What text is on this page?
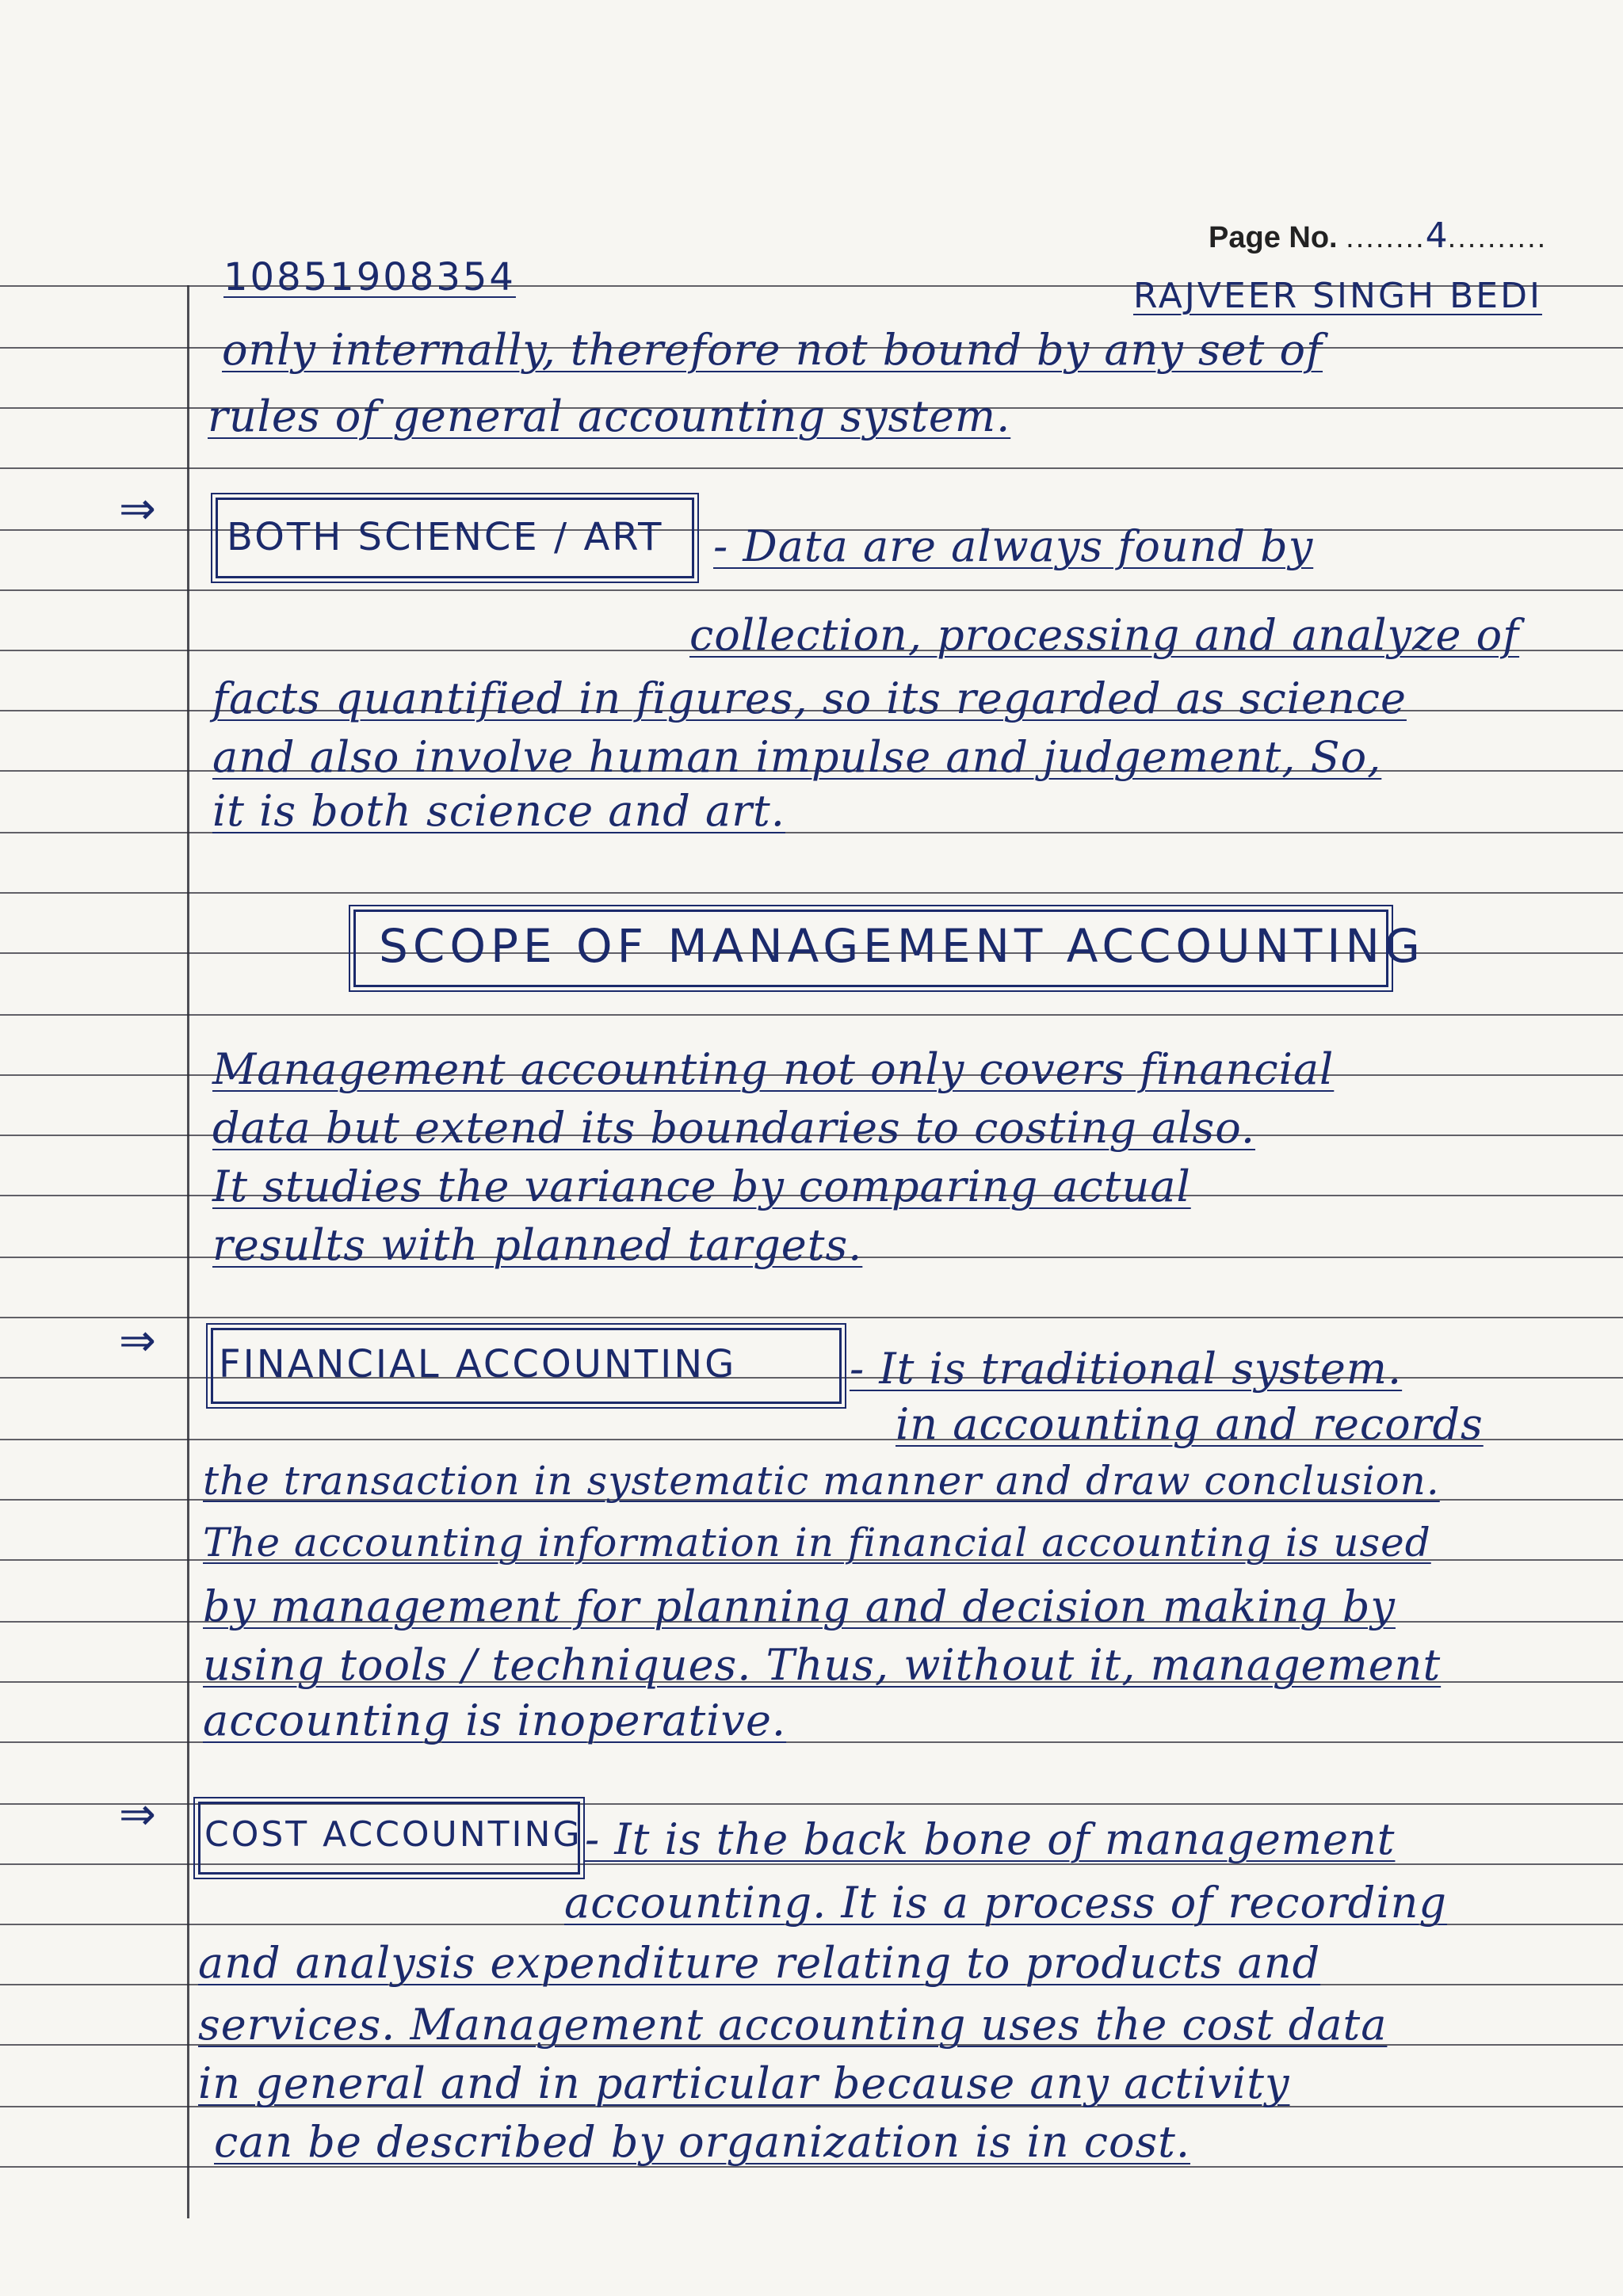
Page No. ........4..........
10851908354	RAJVEER SINGH BEDI
only internally, therefore not bound by any set of
rules of general accounting system.
⇒
BOTH SCIENCE / ART - Data are always found by
collection, processing and analyze of
facts quantified in figures, so its regarded as science
and also involve human impulse and judgement, So,
it is both science and art.
SCOPE OF MANAGEMENT ACCOUNTING
Management accounting not only covers financial
data but extend its boundaries to costing also.
It studies the variance by comparing actual
results with planned targets.
⇒ FINANCIAL ACCOUNTING	- It is traditional system.
in accounting and records
the transaction in systematic manner and draw conclusion.
The accounting information in financial accounting is used
by management for planning and decision making by
using tools / techniques. Thus, without it, management
accounting is inoperative.
⇒ COST ACCOUNTING - It is the back bone of management
accounting. It is a process of recording
and analysis expenditure relating to products and
services. Management accounting uses the cost data
in general and in particular because any activity
can be described by organization is in cost.
